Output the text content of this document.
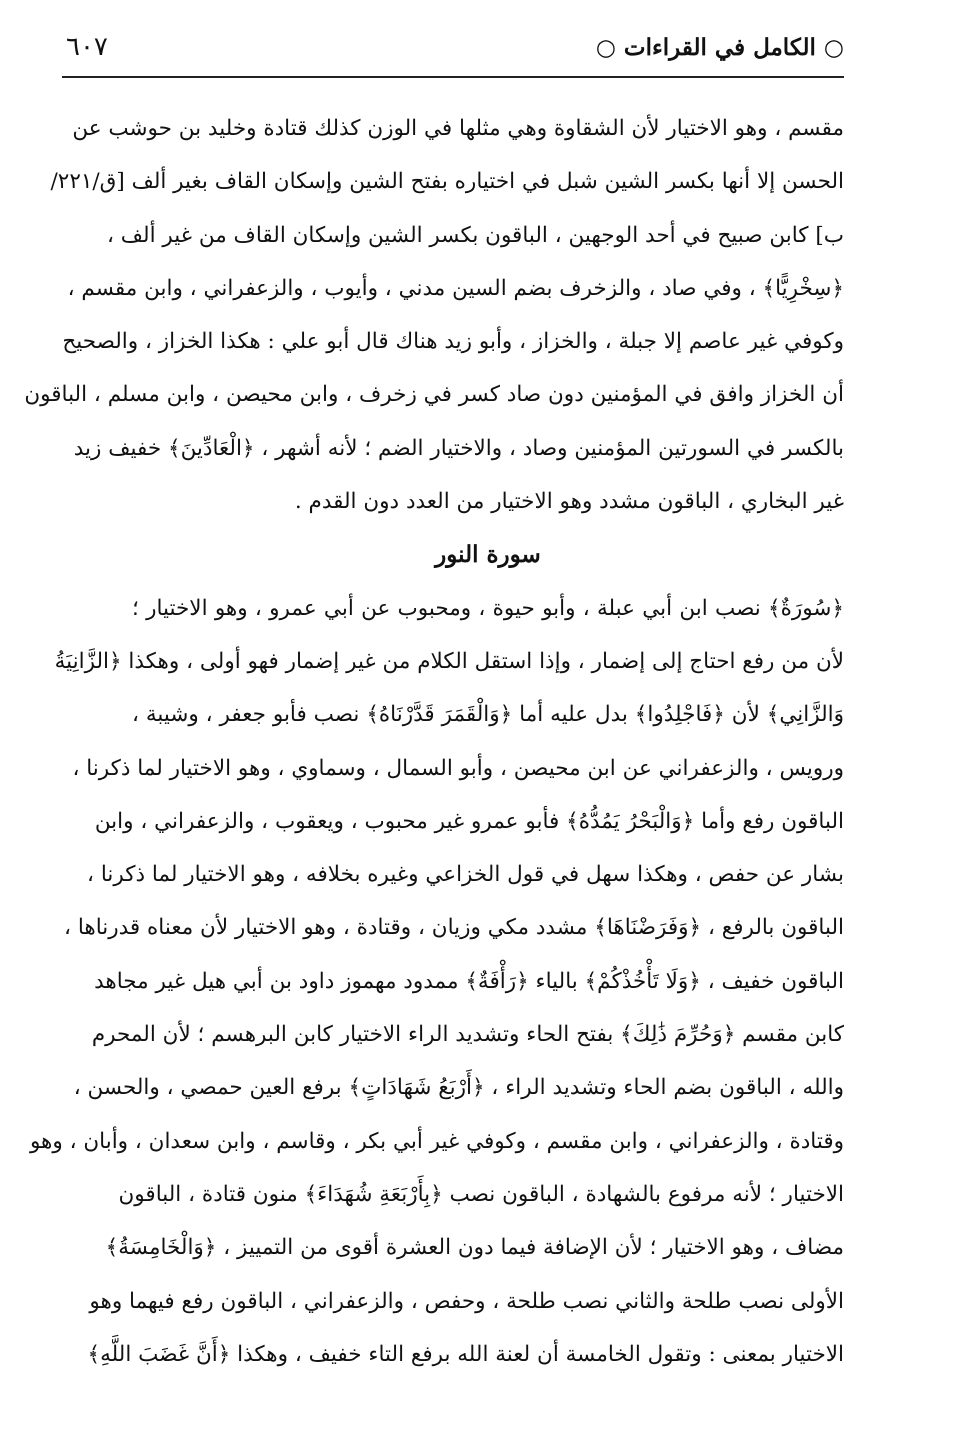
○ الكامل في القراءات ○
٦٠٧
مقسم ، وهو الاختيار لأن الشقاوة وهي مثلها في الوزن كذلك قتادة وخليد بن حوشب عن
الحسن إلا أنها بكسر الشين شبل في اختياره بفتح الشين وإسكان القاف بغير ألف [ق/٢٢١/
ب] كابن صبيح في أحد الوجهين ، الباقون بكسر الشين وإسكان القاف من غير ألف ،
﴿سِخْرِيًّا﴾ ، وفي صاد ، والزخرف بضم السين مدني ، وأيوب ، والزعفراني ، وابن مقسم ،
وكوفي غير عاصم إلا جبلة ، والخزاز ، وأبو زيد هناك قال أبو علي : هكذا الخزاز ، والصحيح
أن الخزاز وافق في المؤمنين دون صاد كسر في زخرف ، وابن محيصن ، وابن مسلم ، الباقون
بالكسر في السورتين المؤمنين وصاد ، والاختيار الضم ؛ لأنه أشهر ، ﴿الْعَادِّينَ﴾ خفيف زيد
غير البخاري ، الباقون مشدد وهو الاختيار من العدد دون القدم .
سورة النور
﴿سُورَةٌ﴾ نصب ابن أبي عبلة ، وأبو حيوة ، ومحبوب عن أبي عمرو ، وهو الاختيار ؛
لأن من رفع احتاج إلى إضمار ، وإذا استقل الكلام من غير إضمار فهو أولى ، وهكذا ﴿الزَّانِيَةُ
وَالزَّانِي﴾ لأن ﴿فَاجْلِدُوا﴾ بدل عليه أما ﴿وَالْقَمَرَ قَدَّرْنَاهُ﴾ نصب فأبو جعفر ، وشيبة ،
ورويس ، والزعفراني عن ابن محيصن ، وأبو السمال ، وسماوي ، وهو الاختيار لما ذكرنا ،
الباقون رفع وأما ﴿وَالْبَحْرُ يَمُدُّهُ﴾ فأبو عمرو غير محبوب ، ويعقوب ، والزعفراني ، وابن
بشار عن حفص ، وهكذا سهل في قول الخزاعي وغيره بخلافه ، وهو الاختيار لما ذكرنا ،
الباقون بالرفع ، ﴿وَفَرَضْنَاهَا﴾ مشدد مكي وزيان ، وقتادة ، وهو الاختيار لأن معناه قدرناها ،
الباقون خفيف ، ﴿وَلَا تَأْخُذْكُمْ﴾ بالياء ﴿رَأْفَةٌ﴾ ممدود مهموز داود بن أبي هيل غير مجاهد
كابن مقسم ﴿وَحُرِّمَ ذَٰلِكَ﴾ بفتح الحاء وتشديد الراء الاختيار كابن البرهسم ؛ لأن المحرم
والله ، الباقون بضم الحاء وتشديد الراء ، ﴿أَرْبَعُ شَهَادَاتٍ﴾ برفع العين حمصي ، والحسن ،
وقتادة ، والزعفراني ، وابن مقسم ، وكوفي غير أبي بكر ، وقاسم ، وابن سعدان ، وأبان ، وهو
الاختيار ؛ لأنه مرفوع بالشهادة ، الباقون نصب ﴿بِأَرْبَعَةِ شُهَدَاءَ﴾ منون قتادة ، الباقون
مضاف ، وهو الاختيار ؛ لأن الإضافة فيما دون العشرة أقوى من التمييز ، ﴿وَالْخَامِسَةُ﴾
الأولى نصب طلحة والثاني نصب طلحة ، وحفص ، والزعفراني ، الباقون رفع فيهما وهو
الاختيار بمعنى : وتقول الخامسة أن لعنة الله برفع التاء خفيف ، وهكذا ﴿أَنَّ غَضَبَ اللَّهِ﴾
